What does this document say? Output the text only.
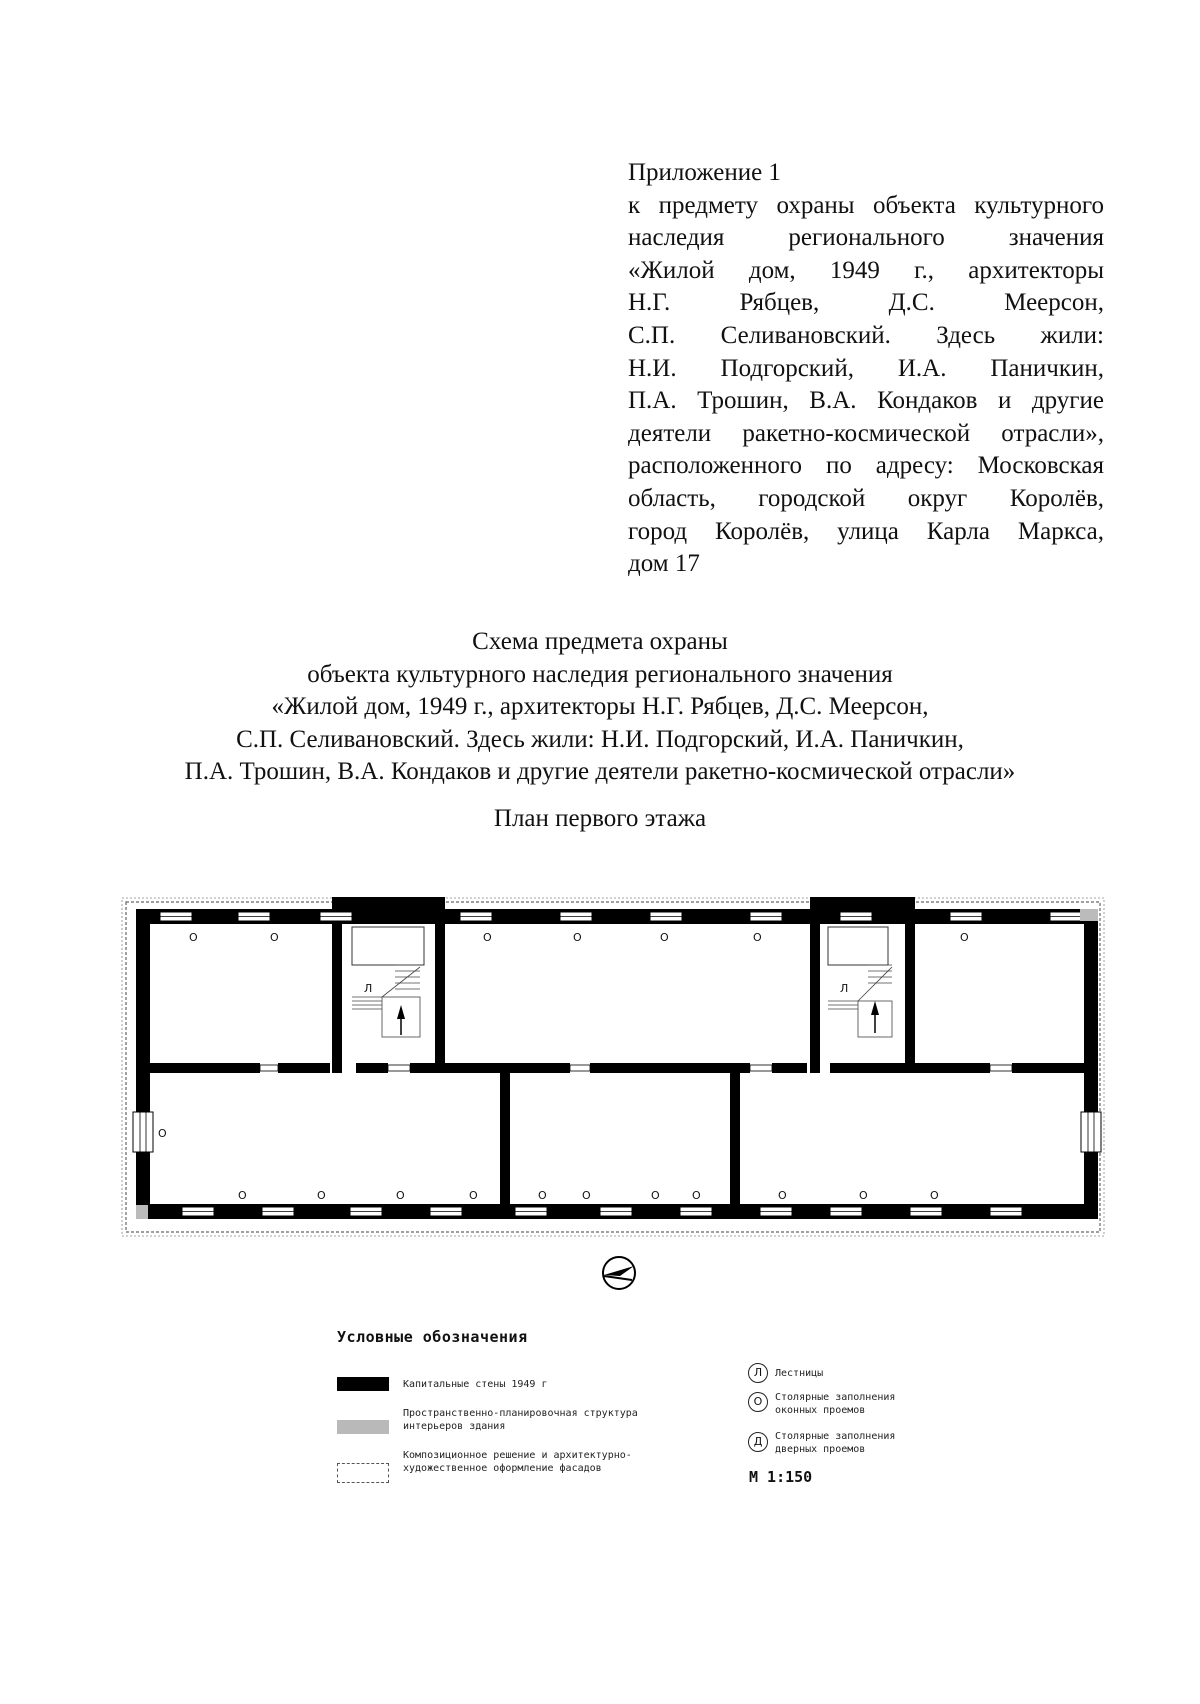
Приложение 1
к предмету охраны объекта культурного
наследия регионального значения
«Жилой дом, 1949 г., архитекторы
Н.Г. Рябцев, Д.С. Меерсон,
С.П. Селивановский. Здесь жили:
Н.И. Подгорский, И.А. Паничкин,
П.А. Трошин, В.А. Кондаков и другие
деятели ракетно-космической отрасли»,
расположенного по адресу: Московская
область, городской округ Королёв,
город Королёв, улица Карла Маркса,
дом 17
Схема предмета охраны
объекта культурного наследия регионального значения
«Жилой дом, 1949 г., архитекторы Н.Г. Рябцев, Д.С. Меерсон,
С.П. Селивановский. Здесь жили: Н.И. Подгорский, И.А. Паничкин,
П.А. Трошин, В.А. Кондаков и другие деятели ракетно-космической отрасли»
План первого этажа
О	О	О	О	О	О	О
О
О	О	О	О	О	О	О	О	О	О	О
Л	Л
Условные обозначения
Капитальные стены 1949 г
Пространственно-планировочная структура
интерьеров здания
Композиционное решение и архитектурно-
художественное оформление фасадов
Л	Лестницы
О	Столярные заполнения
оконных проемов
Д	Столярные заполнения
дверных проемов
М 1:150
